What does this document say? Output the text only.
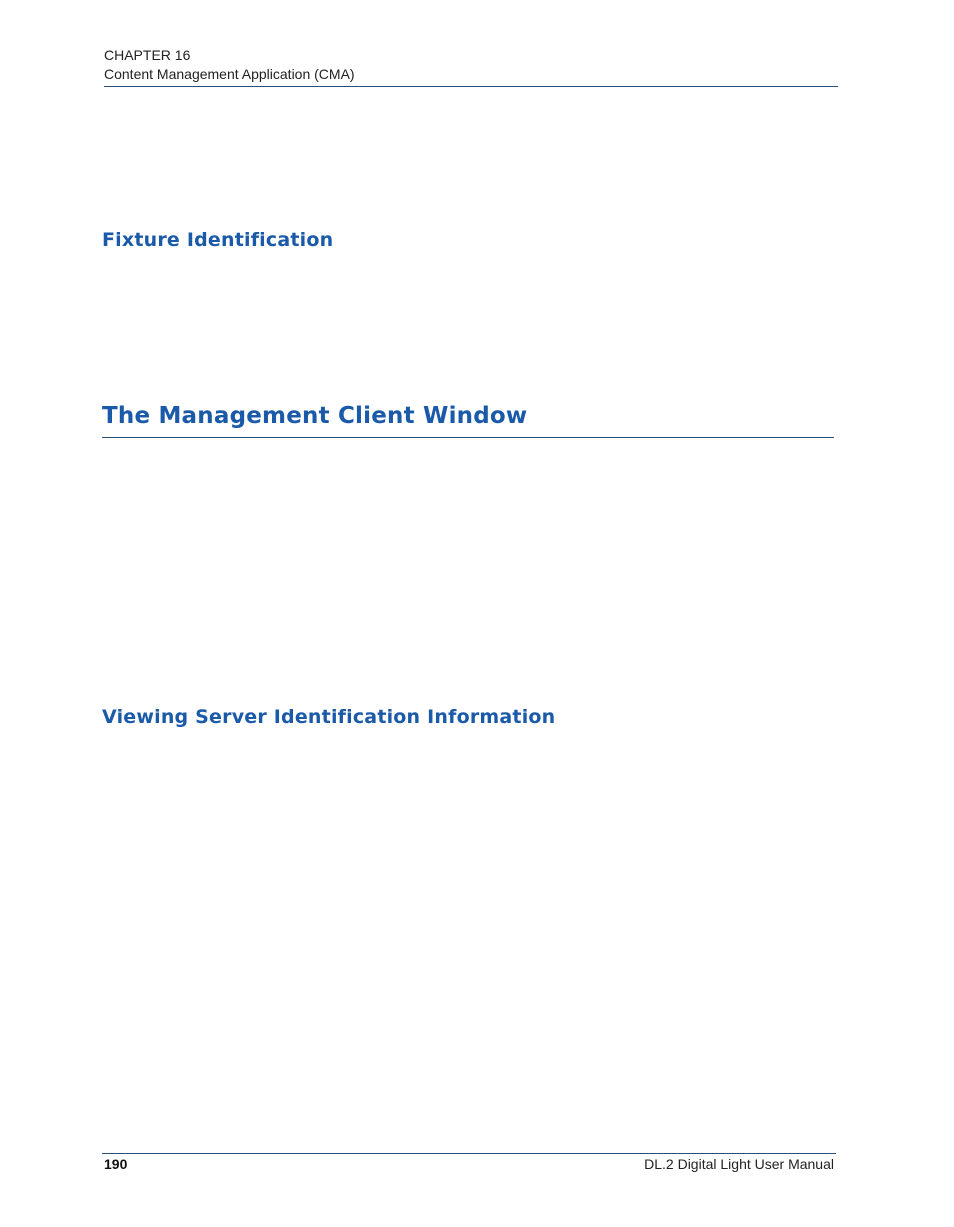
CHAPTER 16
Content Management Application (CMA)
Fixture Identification
The Management Client Window
Viewing Server Identification Information
190	DL.2 Digital Light User Manual
